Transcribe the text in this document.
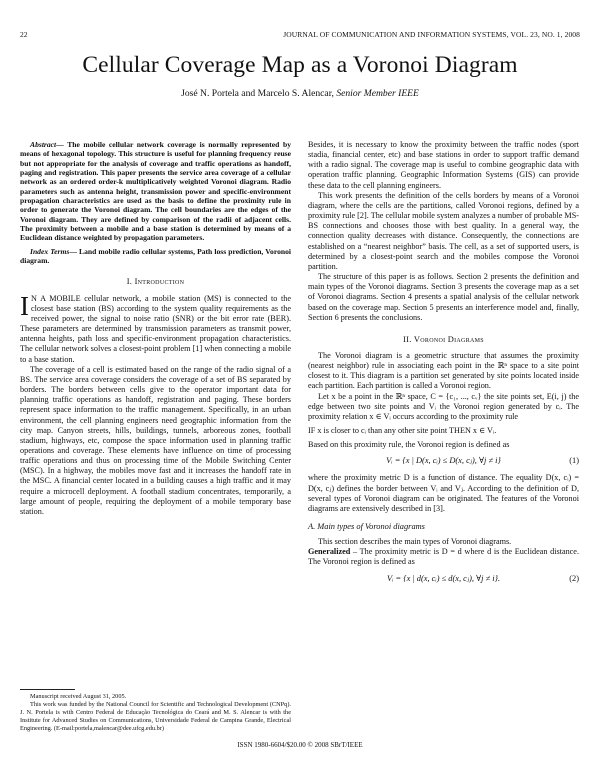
22	JOURNAL OF COMMUNICATION AND INFORMATION SYSTEMS, VOL. 23, NO. 1, 2008
Cellular Coverage Map as a Voronoi Diagram
José N. Portela and Marcelo S. Alencar, Senior Member IEEE

Abstract— The mobile cellular network coverage is normally represented by means of hexagonal topology. This structure is useful for planning frequency reuse but not appropriate for the analysis of coverage and traffic operations as handoff, paging and registration. This paper presents the service area coverage of a cellular network as an ordered order-k multiplicatively weighted Voronoi diagram. Radio parameters such as antenna height, transmission power and specific-environment propagation characteristics are used as the basis to define the proximity rule in order to generate the Voronoi diagram. The cell boundaries are the edges of the Voronoi diagram. They are defined by comparison of the radii of adjacent cells. The proximity between a mobile and a base station is determined by means of a Euclidean distance weighted by propagation parameters.

Index Terms— Land mobile radio cellular systems, Path loss prediction, Voronoi diagram.

I. Introduction

I N A MOBILE cellular network, a mobile station (MS) is connected to the closest base station (BS) according to the system quality requirements as the received power, the signal to noise ratio (SNR) or the bit error rate (BER). These parameters are determined by transmission parameters as transmit power, antenna heights, path loss and specific-environment propagation characteristics. The cellular network solves a closest-point problem [1] when connecting a mobile to a base station.

The coverage of a cell is estimated based on the range of the radio signal of a BS. The service area coverage considers the coverage of a set of BS separated by borders. The borders between cells give to the operator important data for planning traffic operations as handoff, registration and paging. These borders represent space information to the traffic management. Specifically, in an urban environment, the cell planning engineers need geographic information from the city map. Canyon streets, hills, buildings, tunnels, arboreous zones, football stadium, highways, etc, compose the space information used in planning traffic operations and coverage. These elements have influence on time of processing traffic operations and thus on processing time of the Mobile Switching Center (MSC). In a highway, the mobiles move fast and it increases the handoff rate in the MSC. A financial center located in a building causes a high traffic and it may require a microcell deployment. A football stadium concentrates, temporarily, a large amount of people, requiring the deployment of a mobile temporary base station.

Manuscript received August 31, 2005.

This work was funded by the National Council for Scientific and Technological Development (CNPq). J. N. Portela is with Centro Federal de Educação Tecnológica do Ceará and M. S. Alencar is with the Institute for Advanced Studies on Communications, Universidade Federal de Campina Grande, Electrical Engineering. (E-mail:portela,malencar@dee.ufcg.edu.br)

Besides, it is necessary to know the proximity between the traffic nodes (sport stadia, financial center, etc) and base stations in order to support traffic demand with a radio signal. The coverage map is useful to combine geographic data with operation traffic planning. Geographic Information Systems (GIS) can provide these data to the cell planning engineers.

This work presents the definition of the cells borders by means of a Voronoi diagram, where the cells are the partitions, called Voronoi regions, defined by a proximity rule [2]. The cellular mobile system analyzes a number of probable MS-BS connections and chooses those with best quality. In a general way, the connection quality decreases with distance. Consequently, the connections are established on a “nearest neighbor” basis. The cell, as a set of supported users, is determined by a closest-point search and the mobiles compose the Voronoi partition.

The structure of this paper is as follows. Section 2 presents the definition and main types of the Voronoi diagrams. Section 3 presents the coverage map as a set of Voronoi diagrams. Section 4 presents a spatial analysis of the cellular network based on the coverage map. Section 5 presents an interference model and, finally, Section 6 presents the conclusions.

II. Voronoi Diagrams

The Voronoi diagram is a geometric structure that assumes the proximity (nearest neighbor) rule in associating each point in the ℝⁿ space to a site point closest to it. This diagram is a partition set generated by site points located inside each partition. Each partition is called a Voronoi region.

Let x be a point in the ℝⁿ space, C = {c₁, ..., cᵥ} the site points set, E(i, j) the edge between two site points and Vᵢ the Voronoi region generated by cᵢ. The proximity relation x ∈ Vᵢ occurs according to the proximity rule

IF x is closer to cᵢ than any other site point THEN x ∈ Vᵢ.

Based on this proximity rule, the Voronoi region is defined as

Vᵢ = {x | D(x, cᵢ) ≤ D(x, cⱼ), ∀j ≠ i}	(1)

where the proximity metric D is a function of distance. The equality D(x, cᵢ) = D(x, cⱼ) defines the border between Vᵢ and Vⱼ. According to the definition of D, several types of Voronoi diagram can be originated. The features of the Voronoi diagrams are extensively described in [3].

A. Main types of Voronoi diagrams

This section describes the main types of Voronoi diagrams.

Generalized – The proximity metric is D = d where d is the Euclidean distance. The Voronoi region is defined as

Vᵢ = {x | d(x, cᵢ) ≤ d(x, cⱼ), ∀j ≠ i}.	(2)
ISSN 1980-6604/$20.00 © 2008 SBrT/IEEE
